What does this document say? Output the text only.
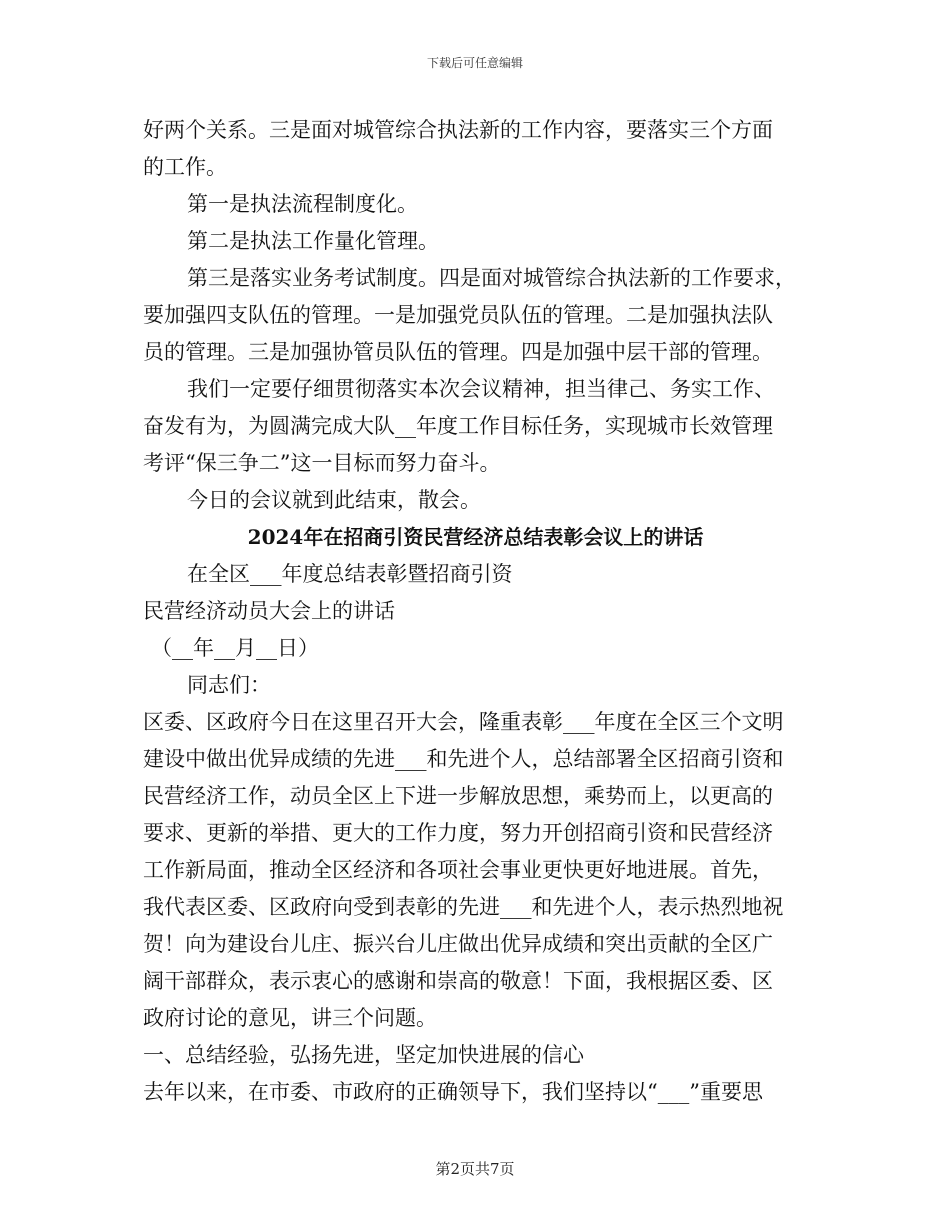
下载后可任意编辑
好两个关系。三是面对城管综合执法新的工作内容，要落实三个方面
的工作。
第一是执法流程制度化。
第二是执法工作量化管理。
第三是落实业务考试制度。四是面对城管综合执法新的工作要求，
要加强四支队伍的管理。一是加强党员队伍的管理。二是加强执法队
员的管理。三是加强协管员队伍的管理。四是加强中层干部的管理。
我们一定要仔细贯彻落实本次会议精神，担当律己、务实工作、
奋发有为，为圆满完成大队__年度工作目标任务，实现城市长效管理
考评“保三争二”这一目标而努力奋斗。
今日的会议就到此结束，散会。
2024年在招商引资民营经济总结表彰会议上的讲话
在全区___年度总结表彰暨招商引资
民营经济动员大会上的讲话
（__年__月__日）
同志们：
区委、区政府今日在这里召开大会，隆重表彰___年度在全区三个文明
建设中做出优异成绩的先进___和先进个人，总结部署全区招商引资和
民营经济工作，动员全区上下进一步解放思想，乘势而上，以更高的
要求、更新的举措、更大的工作力度，努力开创招商引资和民营经济
工作新局面，推动全区经济和各项社会事业更快更好地进展。首先，
我代表区委、区政府向受到表彰的先进___和先进个人，表示热烈地祝
贺！向为建设台儿庄、振兴台儿庄做出优异成绩和突出贡献的全区广
阔干部群众，表示衷心的感谢和崇高的敬意！下面，我根据区委、区
政府讨论的意见，讲三个问题。
一、总结经验，弘扬先进，坚定加快进展的信心
去年以来，在市委、市政府的正确领导下，我们坚持以“___”重要思
第2页共7页
